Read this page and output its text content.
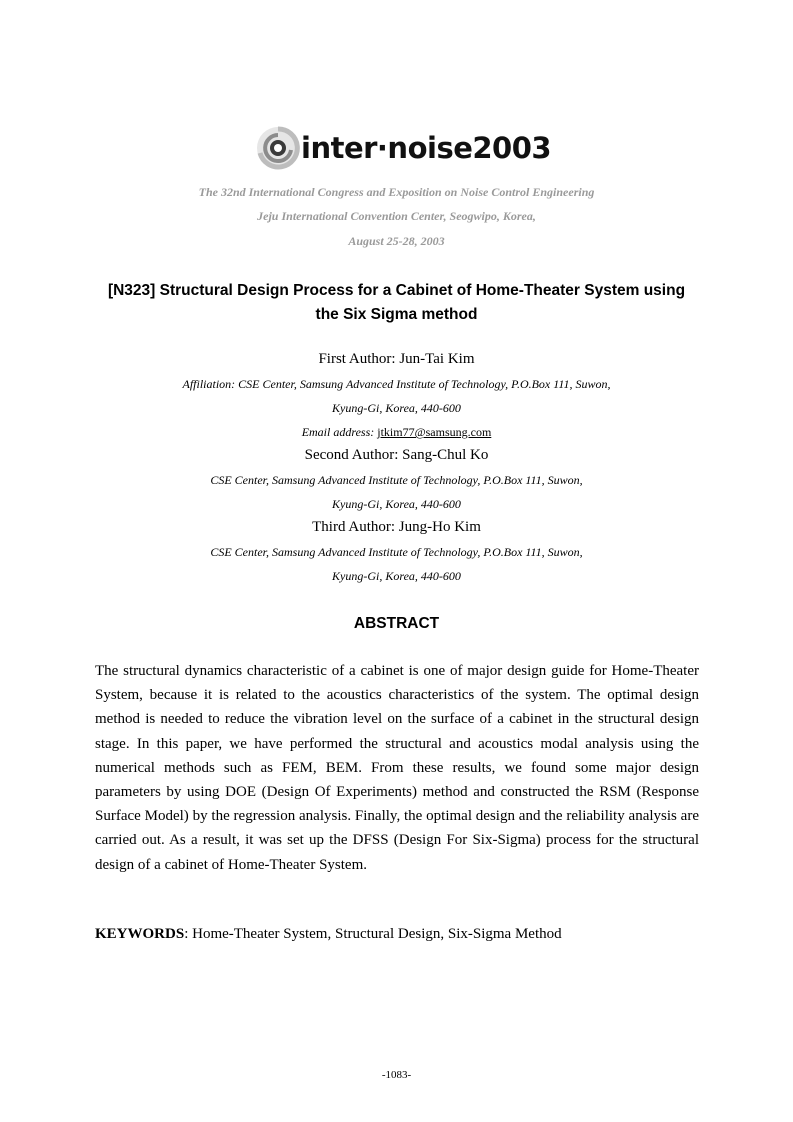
inter·noise2003
The 32nd International Congress and Exposition on Noise Control Engineering
Jeju International Convention Center, Seogwipo, Korea,
August 25-28, 2003
[N323] Structural Design Process for a Cabinet of Home-Theater System using
the Six Sigma method
First Author: Jun-Tai Kim
Affiliation: CSE Center, Samsung Advanced Institute of Technology, P.O.Box 111, Suwon,
Kyung-Gi, Korea, 440-600
Email address: jtkim77@samsung.com
Second Author: Sang-Chul Ko
CSE Center, Samsung Advanced Institute of Technology, P.O.Box 111, Suwon,
Kyung-Gi, Korea, 440-600
Third Author: Jung-Ho Kim
CSE Center, Samsung Advanced Institute of Technology, P.O.Box 111, Suwon,
Kyung-Gi, Korea, 440-600
ABSTRACT
The structural dynamics characteristic of a cabinet is one of major design guide for Home-Theater System, because it is related to the acoustics characteristics of the system. The optimal design method is needed to reduce the vibration level on the surface of a cabinet in the structural design stage. In this paper, we have performed the structural and acoustics modal analysis using the numerical methods such as FEM, BEM. From these results, we found some major design parameters by using DOE (Design Of Experiments) method and constructed the RSM (Response Surface Model) by the regression analysis. Finally, the optimal design and the reliability analysis are carried out. As a result, it was set up the DFSS (Design For Six-Sigma) process for the structural design of a cabinet of Home-Theater System.
KEYWORDS: Home-Theater System, Structural Design, Six-Sigma Method
-1083-
